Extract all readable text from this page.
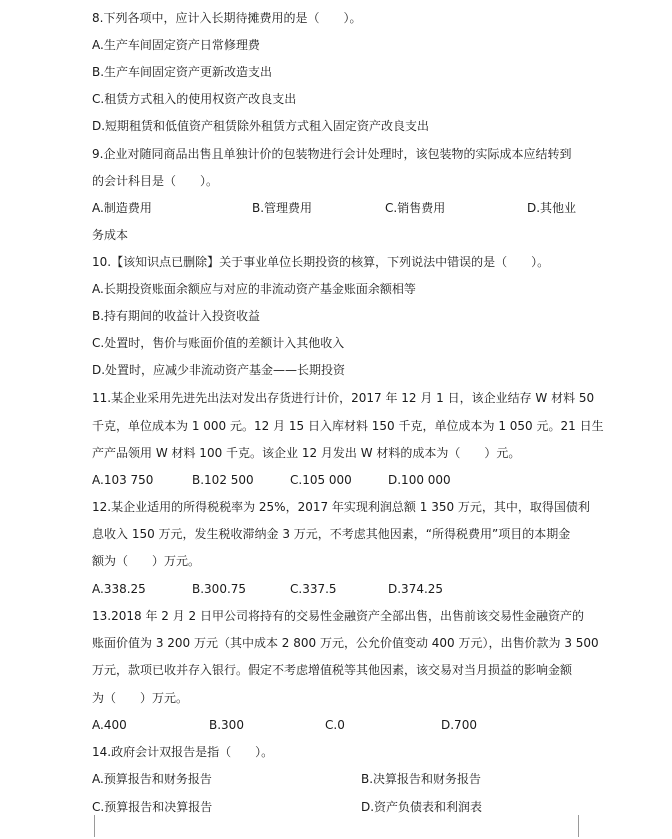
8.下列各项中，应计入长期待摊费用的是（　　）。
A.生产车间固定资产日常修理费
B.生产车间固定资产更新改造支出
C.租赁方式租入的使用权资产改良支出
D.短期租赁和低值资产租赁除外租赁方式租入固定资产改良支出
9.企业对随同商品出售且单独计价的包装物进行会计处理时，该包装物的实际成本应结转到
的会计科目是（　　）。
A.制造费用	B.管理费用	C.销售费用	D.其他业
务成本
10.【该知识点已删除】关于事业单位长期投资的核算，下列说法中错误的是（　　）。
A.长期投资账面余额应与对应的非流动资产基金账面余额相等
B.持有期间的收益计入投资收益
C.处置时，售价与账面价值的差额计入其他收入
D.处置时，应减少非流动资产基金——长期投资
11.某企业采用先进先出法对发出存货进行计价，2017 年 12 月 1 日，该企业结存 W 材料 50
千克，单位成本为 1 000 元。12 月 15 日入库材料 150 千克，单位成本为 1 050 元。21 日生
产产品领用 W 材料 100 千克。该企业 12 月发出 W 材料的成本为（　　）元。
A.103 750	B.102 500	C.105 000	D.100 000
12.某企业适用的所得税税率为 25%，2017 年实现利润总额 1 350 万元，其中，取得国债利
息收入 150 万元，发生税收滞纳金 3 万元，不考虑其他因素，“所得税费用”项目的本期金
额为（　　）万元。
A.338.25	B.300.75	C.337.5	D.374.25
13.2018 年 2 月 2 日甲公司将持有的交易性金融资产全部出售，出售前该交易性金融资产的
账面价值为 3 200 万元（其中成本 2 800 万元，公允价值变动 400 万元），出售价款为 3 500
万元，款项已收并存入银行。假定不考虑增值税等其他因素，该交易对当月损益的影响金额
为（　　）万元。
A.400	B.300	C.0	D.700
14.政府会计双报告是指（　　）。
A.预算报告和财务报告	B.决算报告和财务报告
C.预算报告和决算报告	D.资产负债表和利润表
